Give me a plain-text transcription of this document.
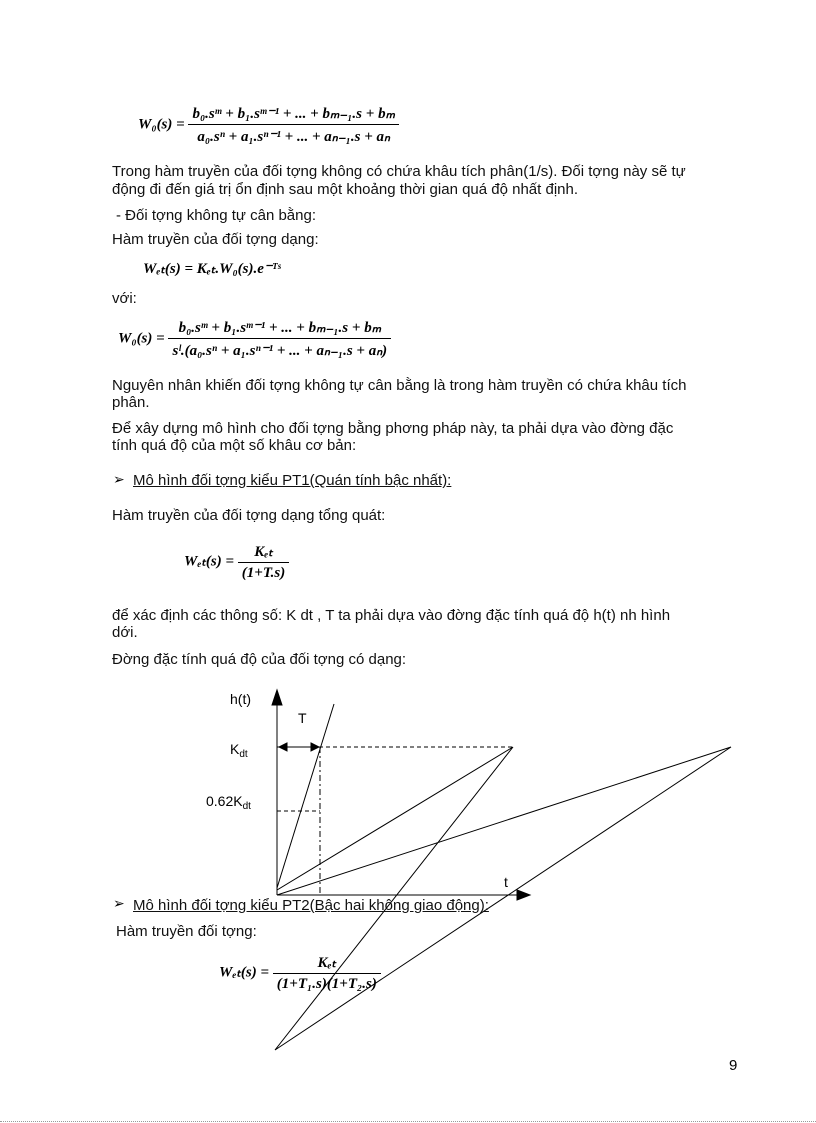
$W_0(s) = \frac{\text{b₀.sᵐ + b₁.sᵐ⁻¹ + ... + bₘ₋₁.s + bₘ}}{\text{a₀.sⁿ + a₁.sⁿ⁻¹ + ... + aₙ₋₁.s + aₙ}}$
Trong hàm truyền của đối tợng không có chứa khâu tích phân(1/s). Đối tợng này sẽ tự
động đi đến giá trị ổn định sau một khoảng thời gian quá độ nhất định.
- Đối tợng không tự cân bằng:
Hàm truyền của đối tợng dạng:
Wₑₜ(s) = Kₑₜ.W₀(s).e⁻ᵀˢ
với:
$W_0(s) = \frac{\text{b₀.sᵐ + b₁.sᵐ⁻¹ + ... + bₘ₋₁.s + bₘ}}{\text{sˡ.(a₀.sⁿ + a₁.sⁿ⁻¹ + ... + aₙ₋₁.s + aₙ)}}$
Nguyên nhân khiến đối tợng không tự cân bằng là trong hàm truyền có chứa khâu tích
phân.
Để xây dựng mô hình cho đối tợng bằng phơng pháp này, ta phải dựa vào đờng đặc
tính quá độ của một số khâu cơ bản:
➢ Mô hình đối tợng kiểu PT1(Quán tính bậc nhất):
Hàm truyền của đối tợng dạng tổng quát:
$W_{et}(s) = \frac{\text{Kₑₜ}}{(1+T.s)}$
để xác định các thông số: K dt , T ta phải dựa vào đờng đặc tính quá độ h(t) nh hình
dới.
Đờng đặc tính quá độ của đối tợng có dạng:
h(t)
T
$K_{dt}$
$0.62K_{dt}$
t
➢ Mô hình đối tợng kiểu PT2(Bậc hai không giao động):
Hàm truyền đối tợng:
$W_{et}(s) = \frac{\text{Kₑₜ}}{\text{(1+T₁.s)(1+T₂.s)}}$
9
